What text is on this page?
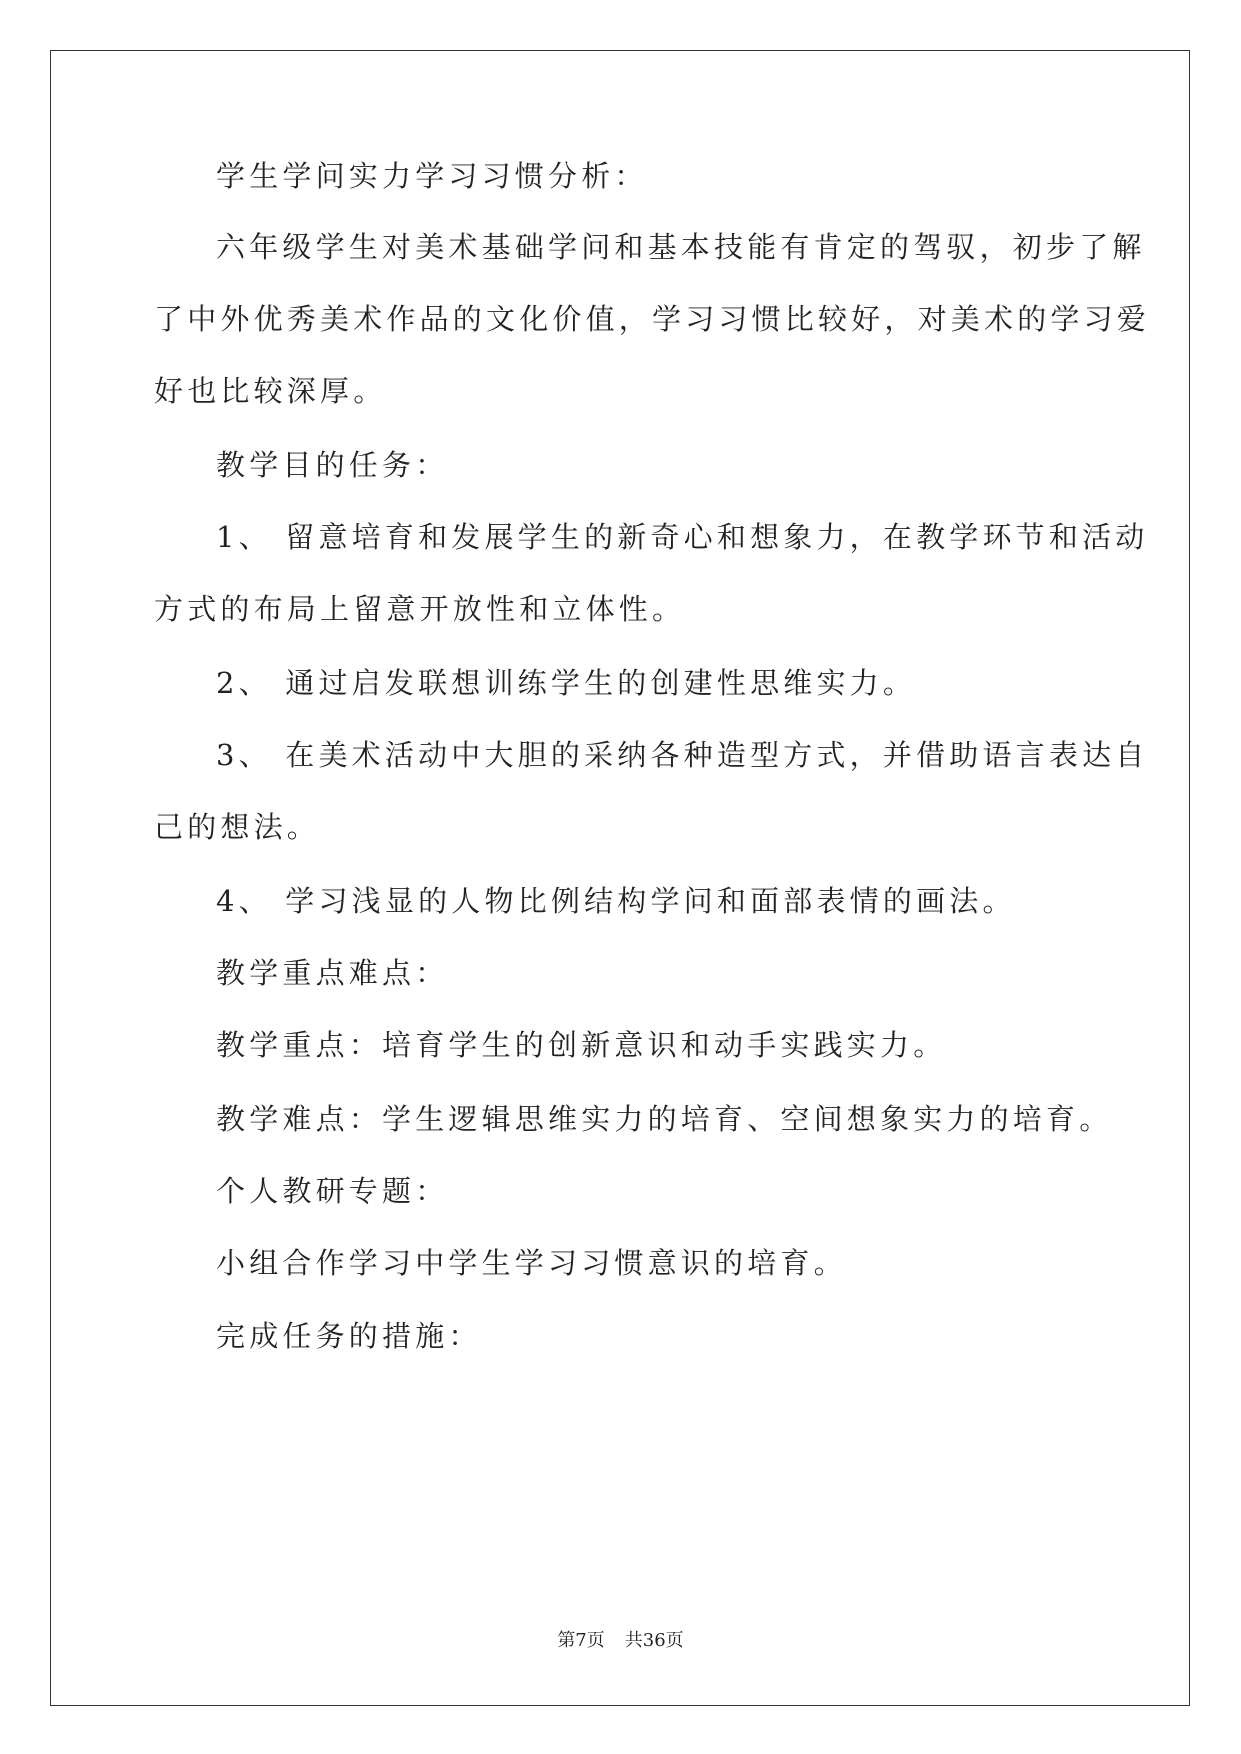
学生学问实力学习习惯分析：
六年级学生对美术基础学问和基本技能有肯定的驾驭，初步了解
了中外优秀美术作品的文化价值，学习习惯比较好，对美术的学习爱
好也比较深厚。
教学目的任务：
1、 留意培育和发展学生的新奇心和想象力，在教学环节和活动
方式的布局上留意开放性和立体性。
2、 通过启发联想训练学生的创建性思维实力。
3、 在美术活动中大胆的采纳各种造型方式，并借助语言表达自
己的想法。
4、 学习浅显的人物比例结构学问和面部表情的画法。
教学重点难点：
教学重点：培育学生的创新意识和动手实践实力。
教学难点：学生逻辑思维实力的培育、空间想象实力的培育。
个人教研专题：
小组合作学习中学生学习习惯意识的培育。
完成任务的措施：
第7页 共36页
